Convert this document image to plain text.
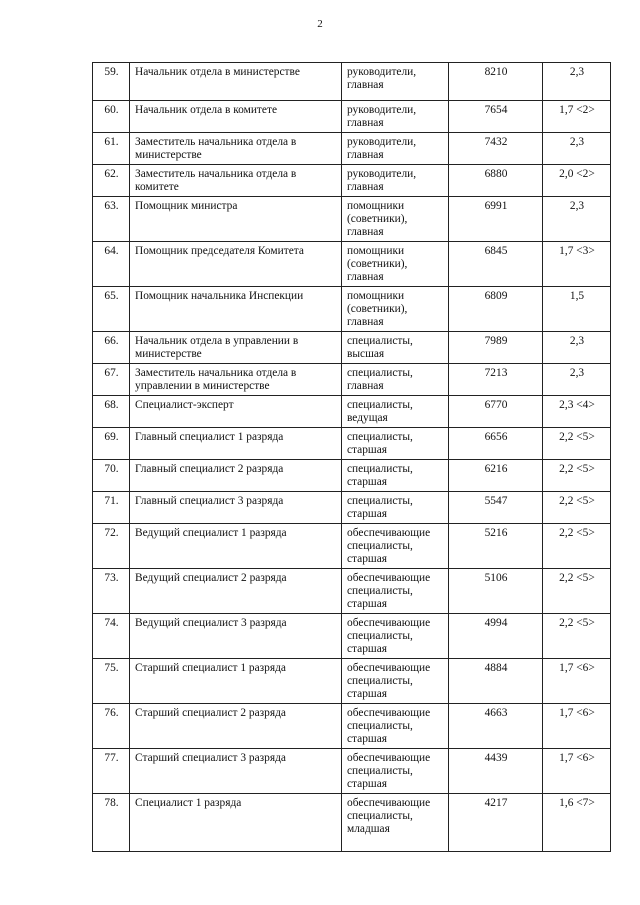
2
59.	Начальник отдела в министерстве	руководители,
главная	8210	2,3
60.	Начальник отдела в комитете	руководители,
главная	7654	1,7 <2>
61.	Заместитель начальника отдела в министерстве	руководители,
главная	7432	2,3
62.	Заместитель начальника отдела в комитете	руководители,
главная	6880	2,0 <2>
63.	Помощник министра	помощники
(советники),
главная	6991	2,3
64.	Помощник председателя Комитета	помощники
(советники),
главная	6845	1,7 <3>
65.	Помощник начальника Инспекции	помощники
(советники),
главная	6809	1,5
66.	Начальник отдела в управлении в министерстве	специалисты,
высшая	7989	2,3
67.	Заместитель начальника отдела в управлении в министерстве	специалисты,
главная	7213	2,3
68.	Специалист-эксперт	специалисты,
ведущая	6770	2,3 <4>
69.	Главный специалист 1 разряда	специалисты,
старшая	6656	2,2 <5>
70.	Главный специалист 2 разряда	специалисты,
старшая	6216	2,2 <5>
71.	Главный специалист 3 разряда	специалисты,
старшая	5547	2,2 <5>
72.	Ведущий специалист 1 разряда	обеспечивающие
специалисты,
старшая	5216	2,2 <5>
73.	Ведущий специалист 2 разряда	обеспечивающие
специалисты,
старшая	5106	2,2 <5>
74.	Ведущий специалист 3 разряда	обеспечивающие
специалисты,
старшая	4994	2,2 <5>
75.	Старший специалист 1 разряда	обеспечивающие
специалисты,
старшая	4884	1,7 <6>
76.	Старший специалист 2 разряда	обеспечивающие
специалисты,
старшая	4663	1,7 <6>
77.	Старший специалист 3 разряда	обеспечивающие
специалисты,
старшая	4439	1,7 <6>
78.	Специалист 1 разряда	обеспечивающие
специалисты,
младшая	4217	1,6 <7>
